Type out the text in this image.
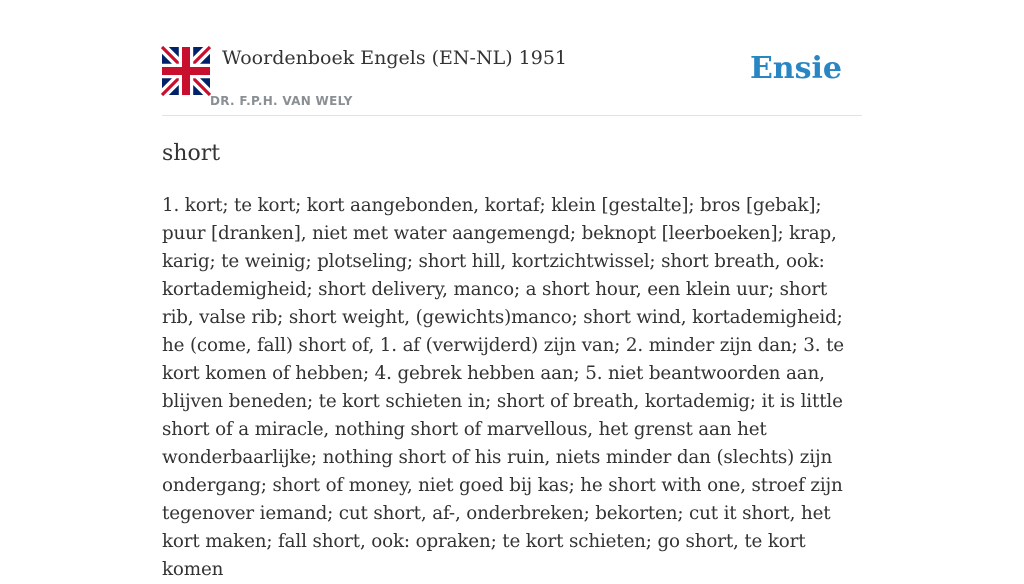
Woordenboek Engels (EN-NL) 1951
DR. F.P.H. VAN WELY
Ensie
short

1. kort; te kort; kort aangebonden, kortaf; klein [gestalte]; bros [gebak]; puur [dranken], niet met water aangemengd; beknopt [leerboeken]; krap, karig; te weinig; plotseling; short hill, kortzichtwissel; short breath, ook: kortademigheid; short delivery, manco; a short hour, een klein uur; short rib, valse rib; short weight, (gewichts)manco; short wind, kortademigheid; he (come, fall) short of, 1. af (verwijderd) zijn van; 2. minder zijn dan; 3. te kort komen of hebben; 4. gebrek hebben aan; 5. niet beantwoorden aan, blijven beneden; te kort schieten in; short of breath, kortademig; it is little short of a miracle, nothing short of marvellous, het grenst aan het wonderbaarlijke; nothing short of his ruin, niets minder dan (slechts) zijn ondergang; short of money, niet goed bij kas; he short with one, stroef zijn tegenover iemand; cut short, af-, onderbreken; bekorten; cut it short, het kort maken; fall short, ook: opraken; te kort schieten; go short, te kort komen
